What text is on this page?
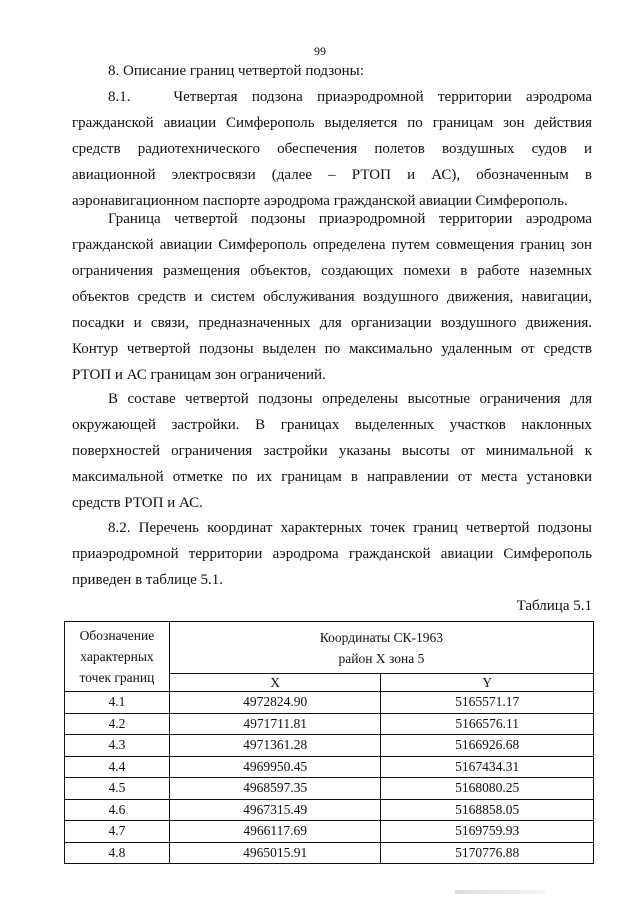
99
8. Описание границ четвертой подзоны:

8.1.   Четвертая подзона приаэродромной территории аэродрома гражданской авиации Симферополь выделяется по границам зон действия средств радиотехнического обеспечения полетов воздушных судов и авиационной электросвязи (далее – РТОП и АС), обозначенным в аэронавигационном паспорте аэродрома гражданской авиации Симферополь.

Граница четвертой подзоны приаэродромной территории аэродрома гражданской авиации Симферополь определена путем совмещения границ зон ограничения размещения объектов, создающих помехи в работе наземных объектов средств и систем обслуживания воздушного движения, навигации, посадки и связи, предназначенных для организации воздушного движения. Контур четвертой подзоны выделен по максимально удаленным от средств РТОП и АС границам зон ограничений.

В составе четвертой подзоны определены высотные ограничения для окружающей застройки. В границах выделенных участков наклонных поверхностей ограничения застройки указаны высоты от минимальной к максимальной отметке по их границам в направлении от места установки средств РТОП и АС.

8.2. Перечень координат характерных точек границ четвертой подзоны приаэродромной территории аэродрома гражданской авиации Симферополь приведен в таблице 5.1.

Таблица 5.1
Обозначение характерных точек границ	Координаты СК-1963
район X зона 5	

	X	Y
4.1	4972824.90	5165571.17
4.2	4971711.81	5166576.11
4.3	4971361.28	5166926.68
4.4	4969950.45	5167434.31
4.5	4968597.35	5168080.25
4.6	4967315.49	5168858.05
4.7	4966117.69	5169759.93
4.8	4965015.91	5170776.88
